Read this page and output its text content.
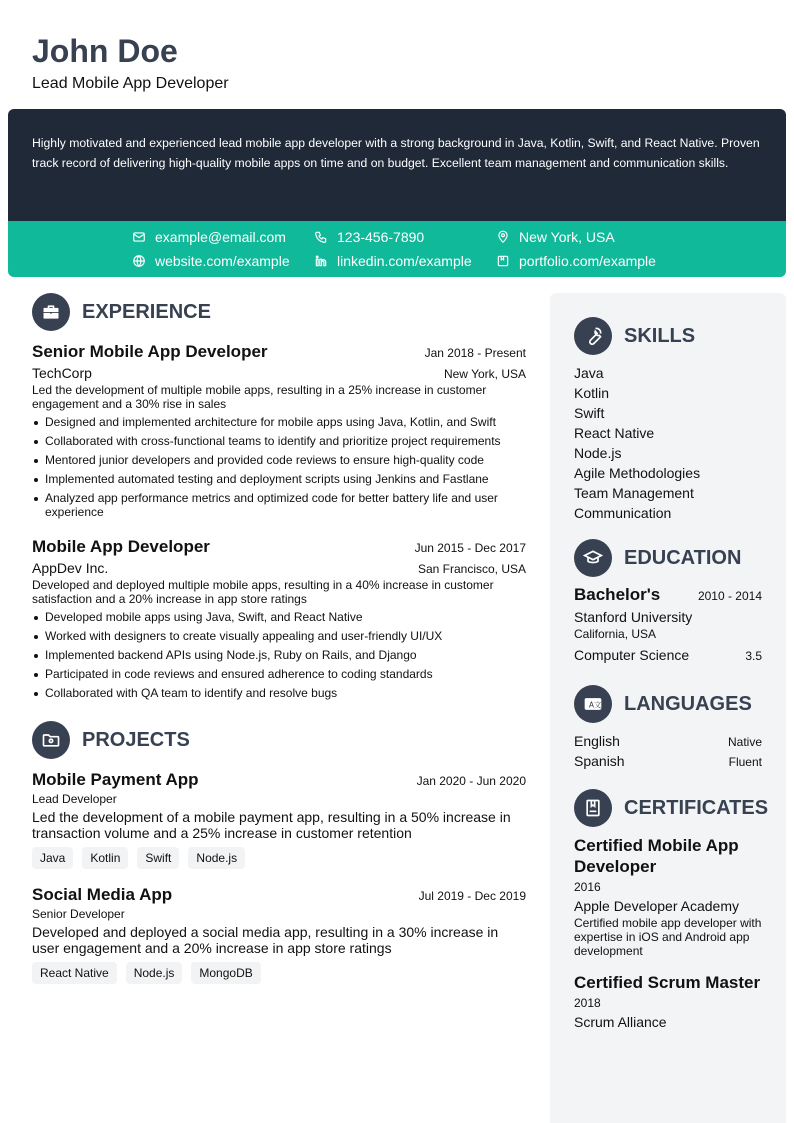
John Doe
Lead Mobile App Developer

Highly motivated and experienced lead mobile app developer with a strong background in Java, Kotlin, Swift, and React Native. Proven track record of delivering high-quality mobile apps on time and on budget. Excellent team management and communication skills.

example@email.com	123-456-7890	New York, USA
website.com/example	linkedin.com/example	portfolio.com/example
EXPERIENCE
Senior Mobile App Developer	Jan 2018 - Present
TechCorp	New York, USA
Led the development of multiple mobile apps, resulting in a 25% increase in customer engagement and a 30% rise in sales
Designed and implemented architecture for mobile apps using Java, Kotlin, and Swift
Collaborated with cross-functional teams to identify and prioritize project requirements
Mentored junior developers and provided code reviews to ensure high-quality code
Implemented automated testing and deployment scripts using Jenkins and Fastlane
Analyzed app performance metrics and optimized code for better battery life and user experience
Mobile App Developer	Jun 2015 - Dec 2017
AppDev Inc.	San Francisco, USA
Developed and deployed multiple mobile apps, resulting in a 40% increase in customer satisfaction and a 20% increase in app store ratings
Developed mobile apps using Java, Swift, and React Native
Worked with designers to create visually appealing and user-friendly UI/UX
Implemented backend APIs using Node.js, Ruby on Rails, and Django
Participated in code reviews and ensured adherence to coding standards
Collaborated with QA team to identify and resolve bugs
PROJECTS
Mobile Payment App	Jan 2020 - Jun 2020
Lead Developer
Led the development of a mobile payment app, resulting in a 50% increase in transaction volume and a 25% increase in customer retention
Java	Kotlin	Swift	Node.js
Social Media App	Jul 2019 - Dec 2019
Senior Developer
Developed and deployed a social media app, resulting in a 30% increase in user engagement and a 20% increase in app store ratings
React Native	Node.js	MongoDB
SKILLS
Java
Kotlin
Swift
React Native
Node.js
Agile Methodologies
Team Management
Communication
EDUCATION
Bachelor's	2010 - 2014
Stanford University
California, USA
Computer Science	3.5
A 文 LANGUAGES
English	Native
Spanish	Fluent
CERTIFICATES
Certified Mobile App Developer
2016
Apple Developer Academy
Certified mobile app developer with expertise in iOS and Android app development
Certified Scrum Master
2018
Scrum Alliance
